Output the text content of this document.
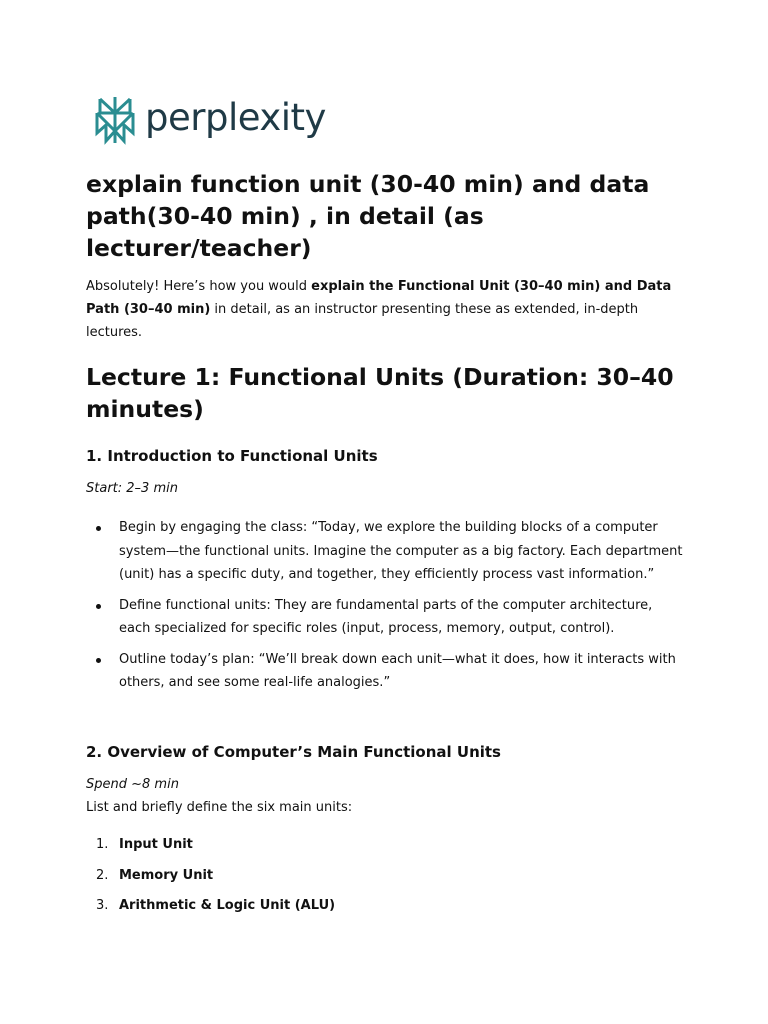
perplexity
explain function unit (30-40 min) and data path(30-40 min) , in detail (as lecturer/teacher)

Absolutely! Here’s how you would explain the Functional Unit (30–40 min) and Data Path (30–40 min) in detail, as an instructor presenting these as extended, in-depth lectures.

Lecture 1: Functional Units (Duration: 30–40 minutes)
1. Introduction to Functional Units

Start: 2–3 min

Begin by engaging the class: “Today, we explore the building blocks of a computer system—the functional units. Imagine the computer as a big factory. Each department (unit) has a specific duty, and together, they efficiently process vast information.”
Define functional units: They are fundamental parts of the computer architecture, each specialized for specific roles (input, process, memory, output, control).
Outline today’s plan: “We’ll break down each unit—what it does, how it interacts with others, and see some real-life analogies.”
2. Overview of Computer’s Main Functional Units

Spend ~8 min

List and briefly define the six main units:

1. Input Unit
2. Memory Unit
3. Arithmetic & Logic Unit (ALU)
